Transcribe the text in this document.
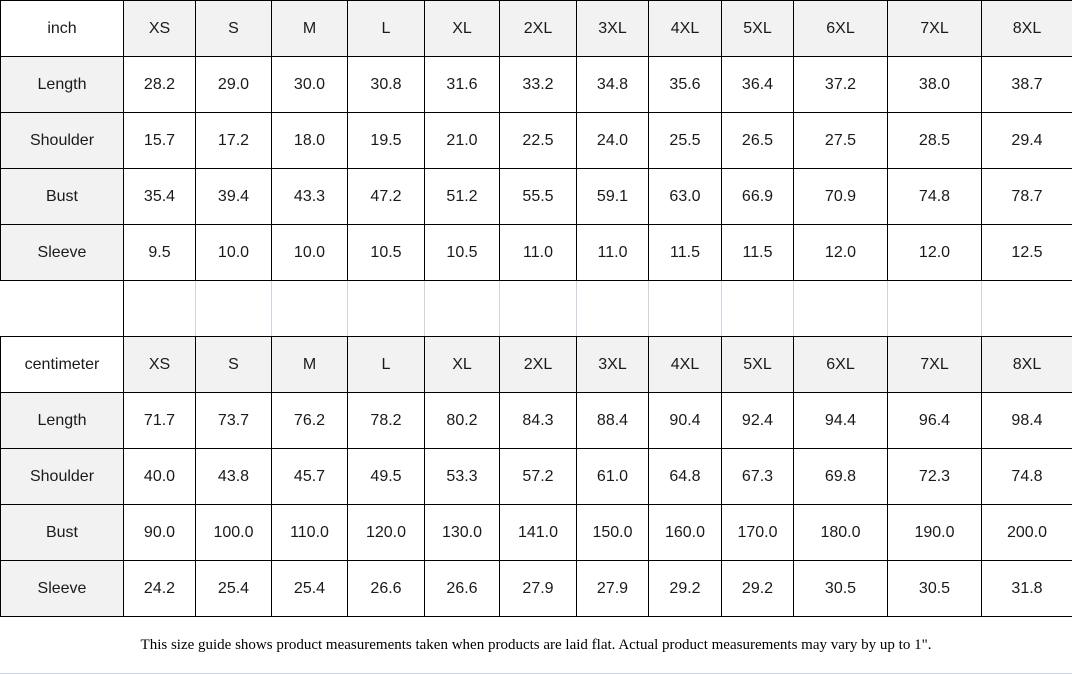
inch	XS	S	M	L	XL	2XL	3XL	4XL	5XL	6XL	7XL	8XL
Length	28.2	29.0	30.0	30.8	31.6	33.2	34.8	35.6	36.4	37.2	38.0	38.7
Shoulder	15.7	17.2	18.0	19.5	21.0	22.5	24.0	25.5	26.5	27.5	28.5	29.4
Bust	35.4	39.4	43.3	47.2	51.2	55.5	59.1	63.0	66.9	70.9	74.8	78.7
Sleeve	9.5	10.0	10.0	10.5	10.5	11.0	11.0	11.5	11.5	12.0	12.0	12.5

centimeter	XS	S	M	L	XL	2XL	3XL	4XL	5XL	6XL	7XL	8XL
Length	71.7	73.7	76.2	78.2	80.2	84.3	88.4	90.4	92.4	94.4	96.4	98.4
Shoulder	40.0	43.8	45.7	49.5	53.3	57.2	61.0	64.8	67.3	69.8	72.3	74.8
Bust	90.0	100.0	110.0	120.0	130.0	141.0	150.0	160.0	170.0	180.0	190.0	200.0
Sleeve	24.2	25.4	25.4	26.6	26.6	27.9	27.9	29.2	29.2	30.5	30.5	31.8
This size guide shows product measurements taken when products are laid flat. Actual product measurements may vary by up to 1".
